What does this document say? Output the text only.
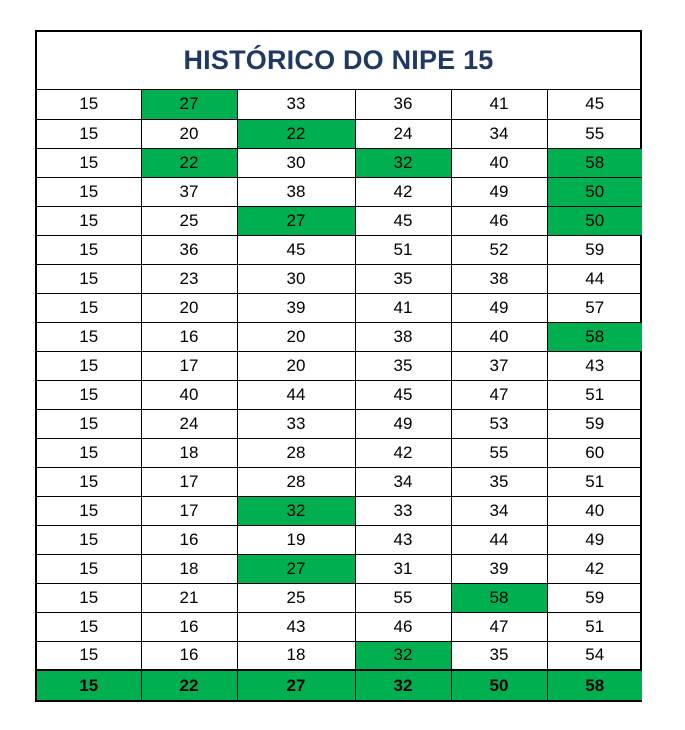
HISTÓRICO DO NIPE 15
15	27	33	36	41	45
15	20	22	24	34	55
15	22	30	32	40	58
15	37	38	42	49	50
15	25	27	45	46	50
15	36	45	51	52	59
15	23	30	35	38	44
15	20	39	41	49	57
15	16	20	38	40	58
15	17	20	35	37	43
15	40	44	45	47	51
15	24	33	49	53	59
15	18	28	42	55	60
15	17	28	34	35	51
15	17	32	33	34	40
15	16	19	43	44	49
15	18	27	31	39	42
15	21	25	55	58	59
15	16	43	46	47	51
15	16	18	32	35	54
15	22	27	32	50	58
